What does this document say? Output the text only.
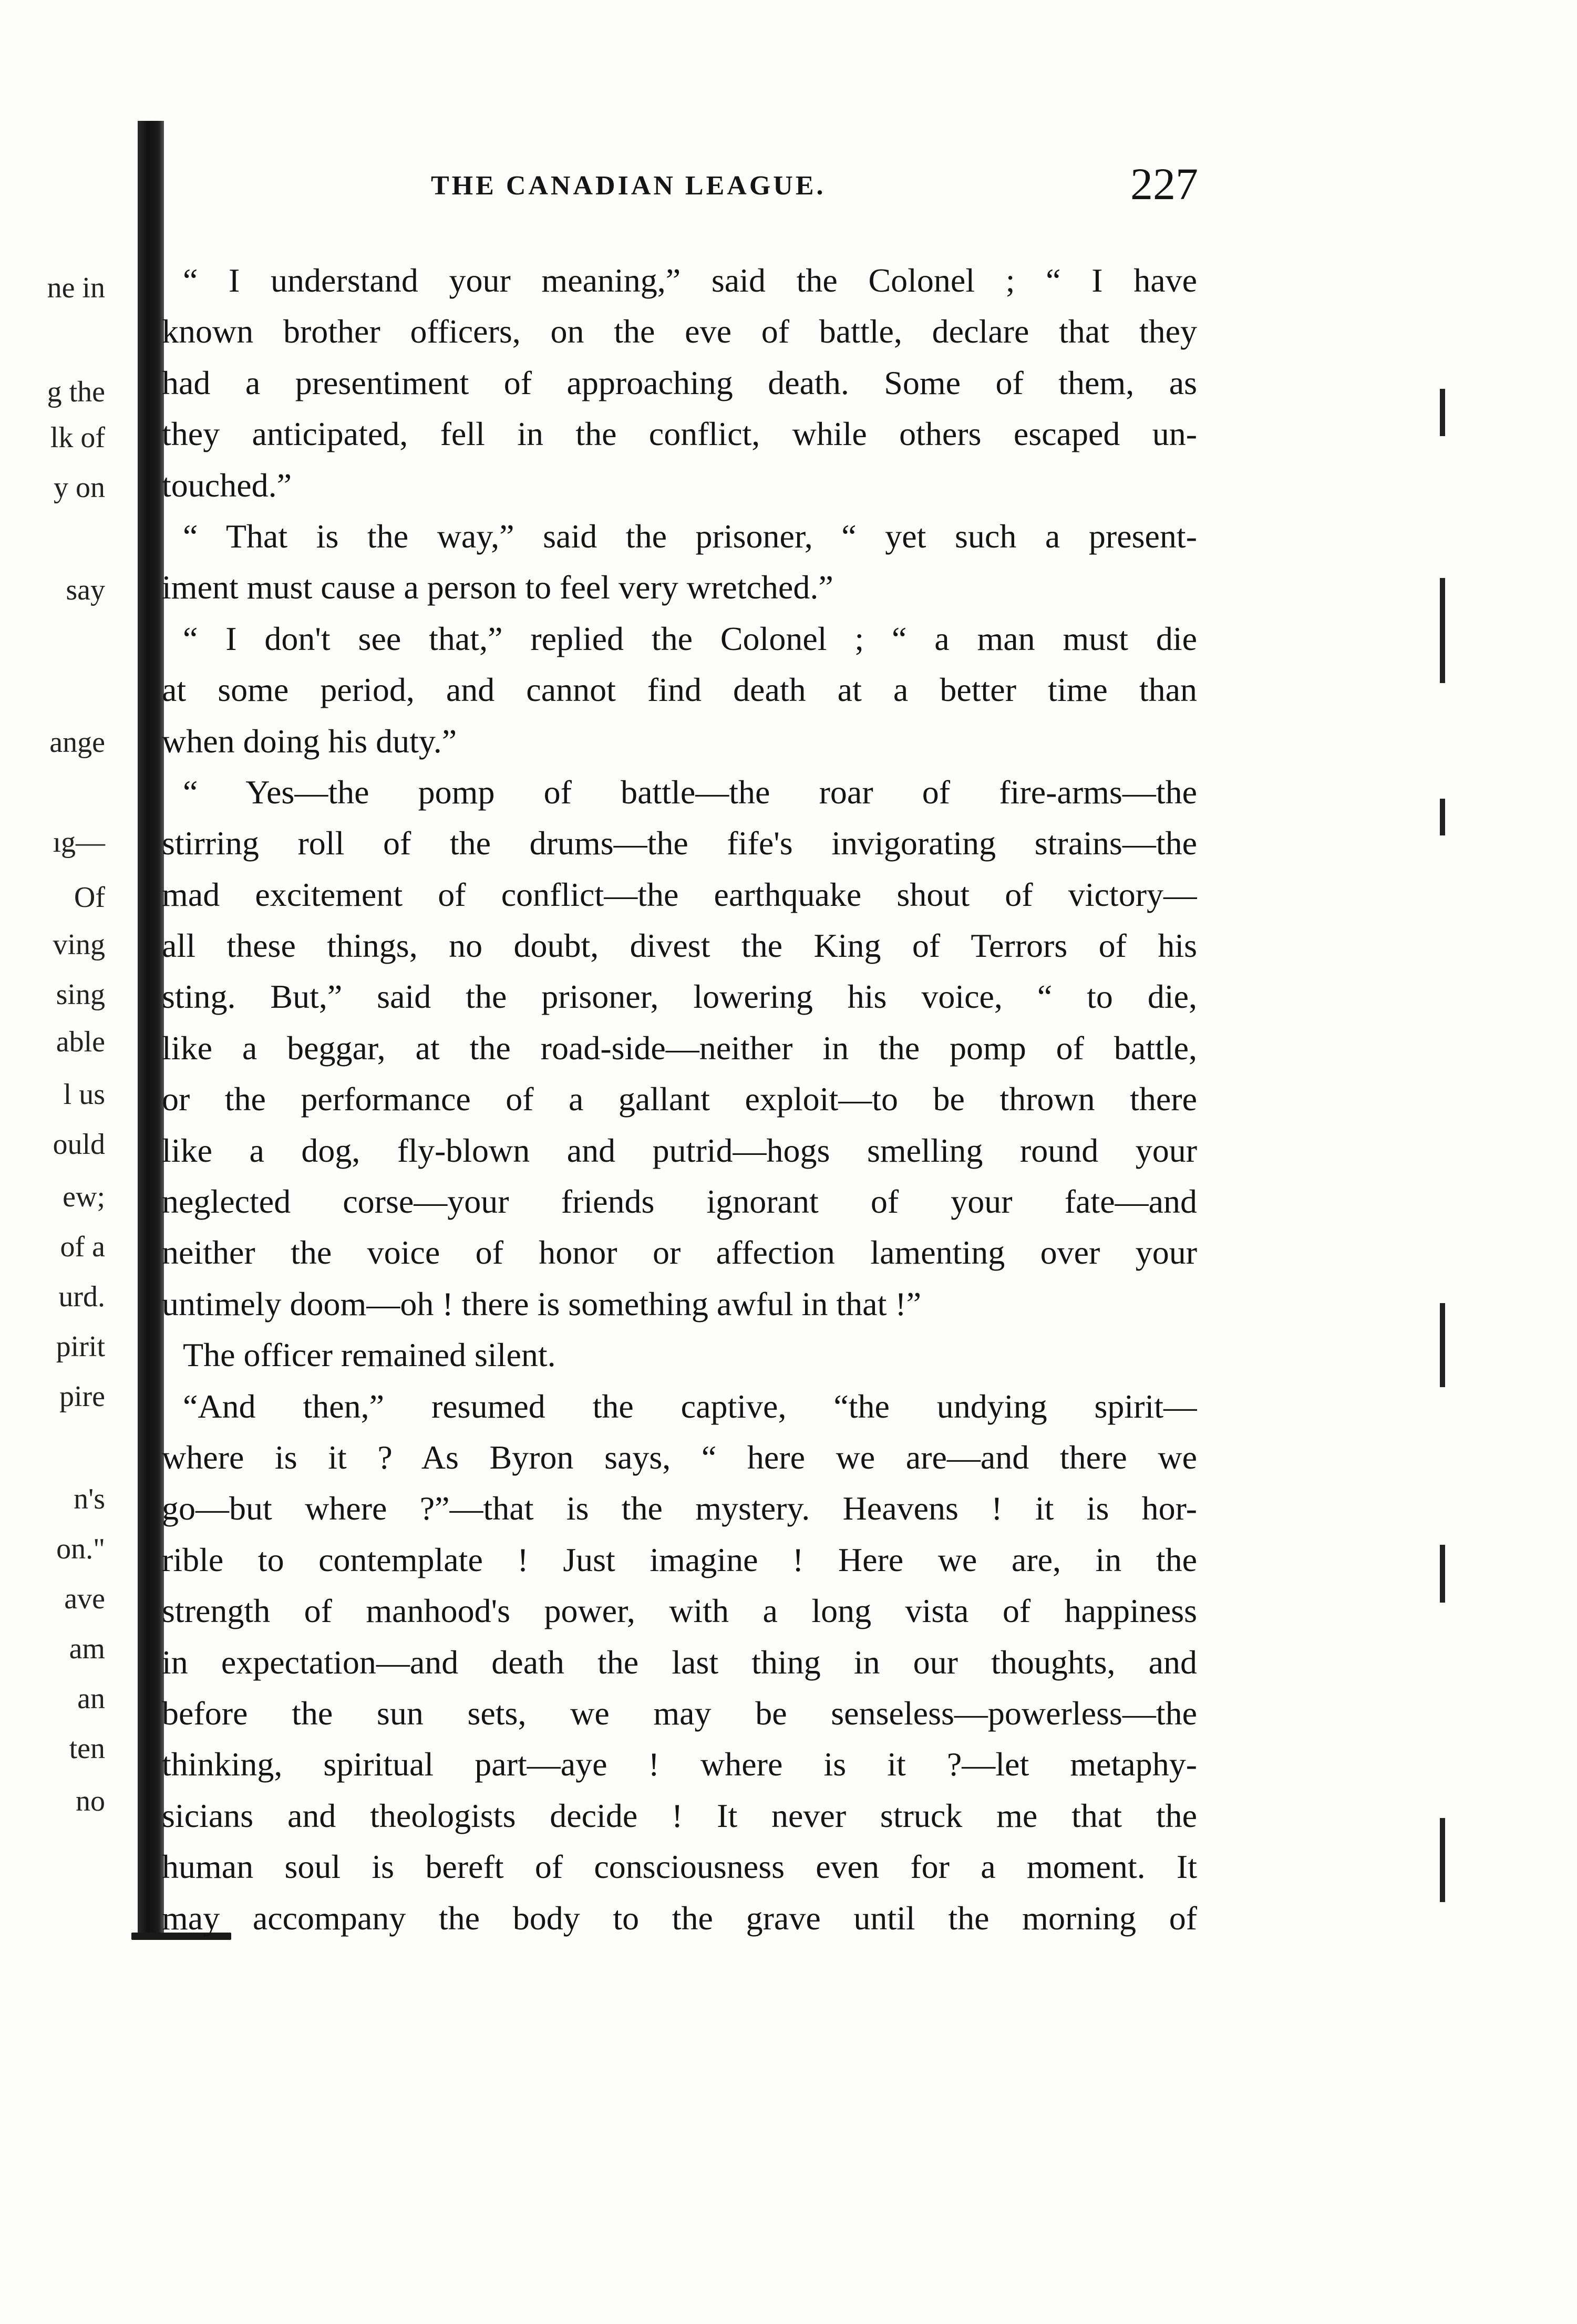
ne in
g the
lk of
y on
say
ange
ıg—
Of
ving
sing
able
l us
ould
ew;
of a
urd.
pirit
pire
n's
on."
ave
am
an
ten
no
THE CANADIAN LEAGUE.	227
“ I understand your meaning,” said the Colonel ; “ I have
known brother officers, on the eve of battle, declare that they
had a presentiment of approaching death. Some of them, as
they anticipated, fell in the conflict, while others escaped un-
touched.”
“ That is the way,” said the prisoner, “ yet such a present-
iment must cause a person to feel very wretched.”
“ I don't see that,” replied the Colonel ; “ a man must die
at some period, and cannot find death at a better time than
when doing his duty.”
“ Yes—the pomp of battle—the roar of fire-arms—the
stirring roll of the drums—the fife's invigorating strains—the
mad excitement of conflict—the earthquake shout of victory—
all these things, no doubt, divest the King of Terrors of his
sting. But,” said the prisoner, lowering his voice, “ to die,
like a beggar, at the road-side—neither in the pomp of battle,
or the performance of a gallant exploit—to be thrown there
like a dog, fly-blown and putrid—hogs smelling round your
neglected corse—your friends ignorant of your fate—and
neither the voice of honor or affection lamenting over your
untimely doom—oh ! there is something awful in that !”
The officer remained silent.
“And then,” resumed the captive, “the undying spirit—
where is it ? As Byron says, “ here we are—and there we
go—but where ?”—that is the mystery. Heavens ! it is hor-
rible to contemplate ! Just imagine ! Here we are, in the
strength of manhood's power, with a long vista of happiness
in expectation—and death the last thing in our thoughts, and
before the sun sets, we may be senseless—powerless—the
thinking, spiritual part—aye ! where is it ?—let metaphy-
sicians and theologists decide ! It never struck me that the
human soul is bereft of consciousness even for a moment. It
may accompany the body to the grave until the morning of
